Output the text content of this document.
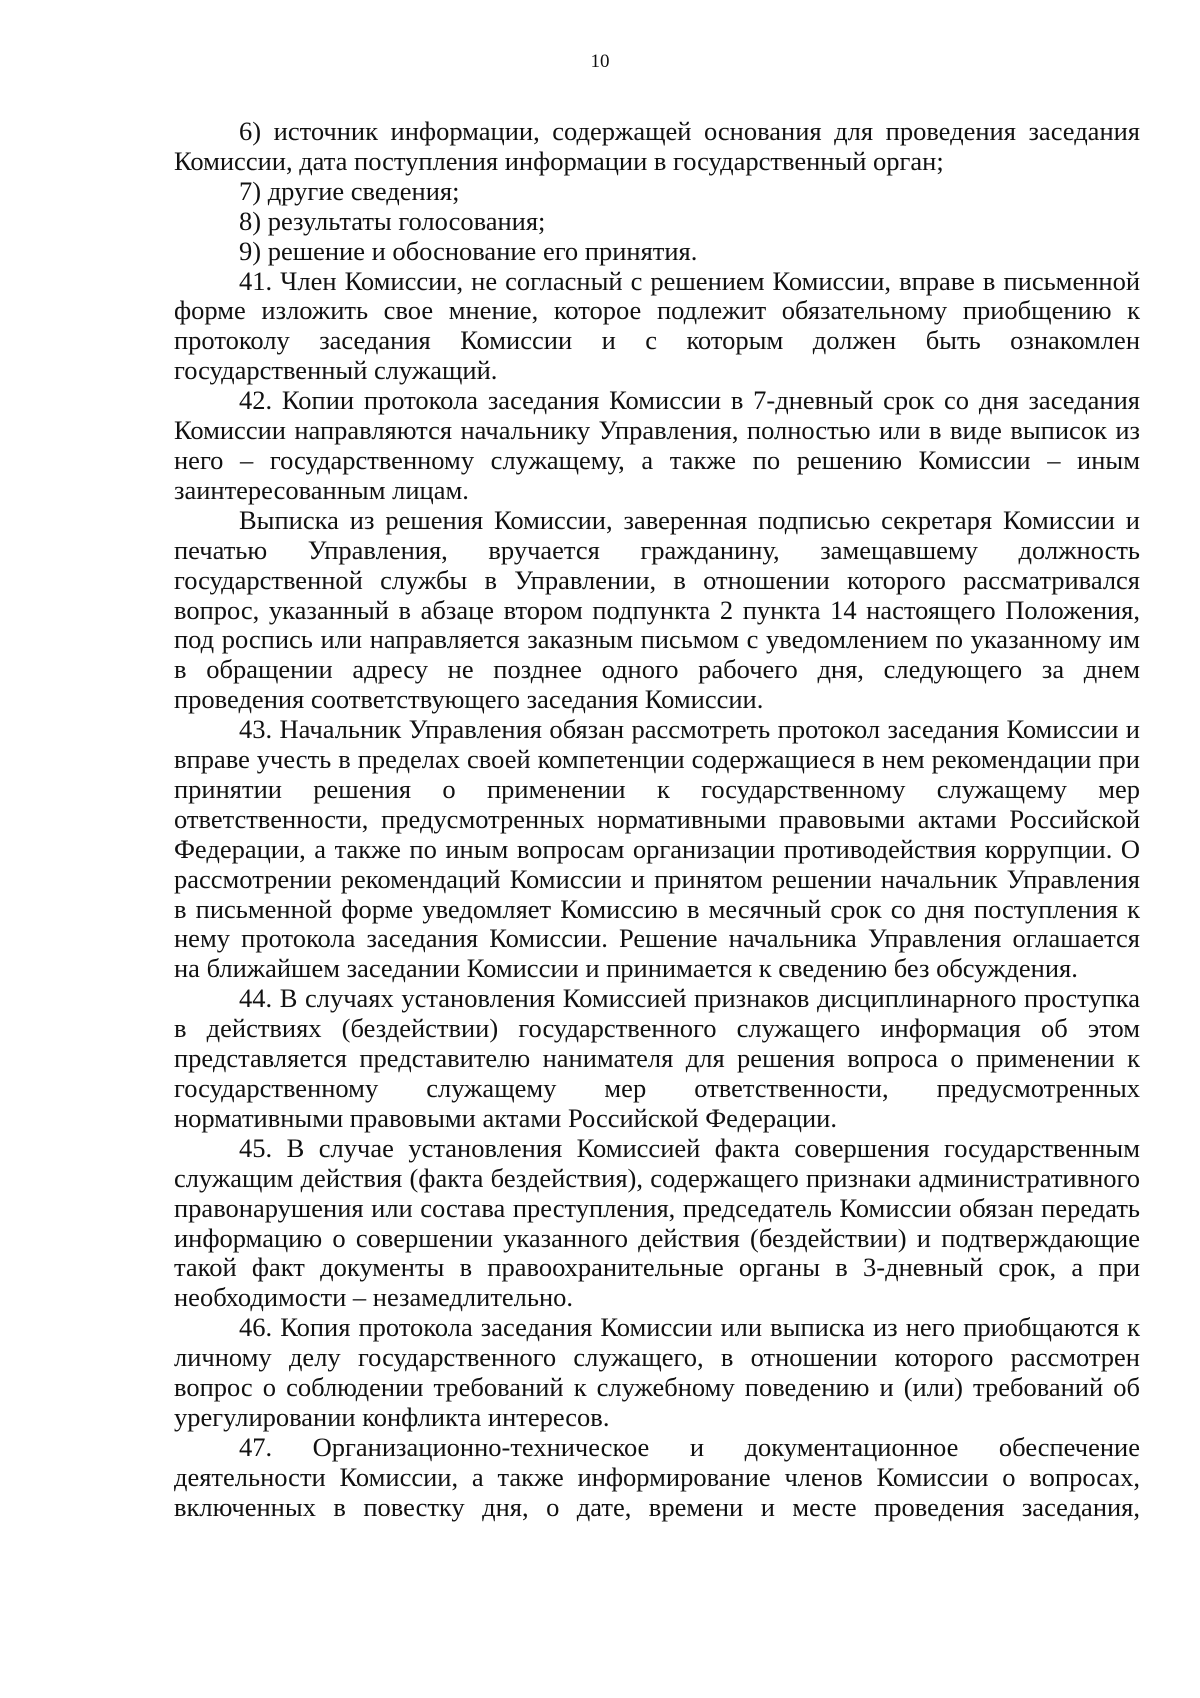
10

6) источник информации, содержащей основания для проведения заседания Комиссии, дата поступления информации в государственный орган;

7) другие сведения;

8) результаты голосования;

9) решение и обоснование его принятия.

41. Член Комиссии, не согласный с решением Комиссии, вправе в письменной форме изложить свое мнение, которое подлежит обязательному приобщению к протоколу заседания Комиссии и с которым должен быть ознакомлен государственный служащий.

42. Копии протокола заседания Комиссии в 7-дневный срок со дня заседания Комиссии направляются начальнику Управления, полностью или в виде выписок из него – государственному служащему, а также по решению Комиссии – иным заинтересованным лицам.

Выписка из решения Комиссии, заверенная подписью секретаря Комиссии и печатью Управления, вручается гражданину, замещавшему должность государственной службы в Управлении, в отношении которого рассматривался вопрос, указанный в абзаце втором подпункта 2 пункта 14 настоящего Положения, под роспись или направляется заказным письмом с уведомлением по указанному им в обращении адресу не позднее одного рабочего дня, следующего за днем проведения соответствующего заседания Комиссии.

43. Начальник Управления обязан рассмотреть протокол заседания Комиссии и вправе учесть в пределах своей компетенции содержащиеся в нем рекомендации при принятии решения о применении к государственному служащему мер ответственности, предусмотренных нормативными правовыми актами Российской Федерации, а также по иным вопросам организации противодействия коррупции. О рассмотрении рекомендаций Комиссии и принятом решении начальник Управления в письменной форме уведомляет Комиссию в месячный срок со дня поступления к нему протокола заседания Комиссии. Решение начальника Управления оглашается на ближайшем заседании Комиссии и принимается к сведению без обсуждения.

44. В случаях установления Комиссией признаков дисциплинарного проступка в действиях (бездействии) государственного служащего информация об этом представляется представителю нанимателя для решения вопроса о применении к государственному служащему мер ответственности, предусмотренных нормативными правовыми актами Российской Федерации.

45. В случае установления Комиссией факта совершения государственным служащим действия (факта бездействия), содержащего признаки административного правонарушения или состава преступления, председатель Комиссии обязан передать информацию о совершении указанного действия (бездействии) и подтверждающие такой факт документы в правоохранительные органы в 3-дневный срок, а при необходимости – незамедлительно.

46. Копия протокола заседания Комиссии или выписка из него приобщаются к личному делу государственного служащего, в отношении которого рассмотрен вопрос о соблюдении требований к служебному поведению и (или) требований об урегулировании конфликта интересов.

47. Организационно-техническое и документационное обеспечение деятельности Комиссии, а также информирование членов Комиссии о вопросах, включенных в повестку дня, о дате, времени и месте проведения заседания,
